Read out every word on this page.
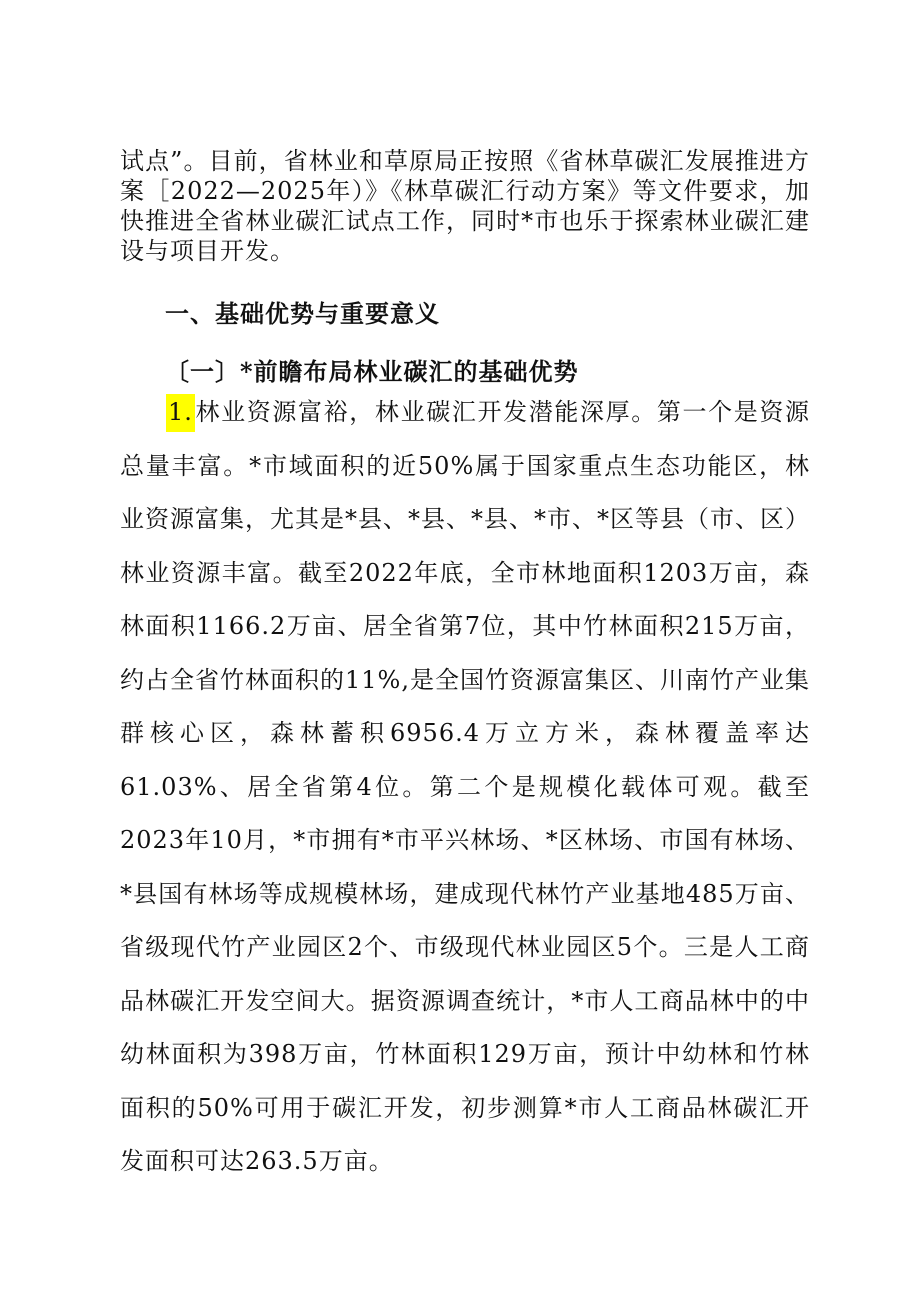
试点”。目前，省林业和草原局正按照《省林草碳汇发展推进方案［2022—2025年）》《林草碳汇行动方案》等文件要求，加快推进全省林业碳汇试点工作，同时*市也乐于探索林业碳汇建设与项目开发。

一、基础优势与重要意义
〔一〕*前瞻布局林业碳汇的基础优势

1.林业资源富裕，林业碳汇开发潜能深厚。第一个是资源总量丰富。*市域面积的近50%属于国家重点生态功能区，林业资源富集，尤其是*县、*县、*县、*市、*区等县（市、区）林业资源丰富。截至2022年底，全市林地面积1203万亩，森林面积1166.2万亩、居全省第7位，其中竹林面积215万亩，约占全省竹林面积的11%,是全国竹资源富集区、川南竹产业集群核心区，森林蓄积6956.4万立方米，森林覆盖率达61.03%、居全省第4位。第二个是规模化载体可观。截至2023年10月，*市拥有*市平兴林场、*区林场、市国有林场、*县国有林场等成规模林场，建成现代林竹产业基地485万亩、省级现代竹产业园区2个、市级现代林业园区5个。三是人工商品林碳汇开发空间大。据资源调查统计，*市人工商品林中的中幼林面积为398万亩，竹林面积129万亩，预计中幼林和竹林面积的50%可用于碳汇开发，初步测算*市人工商品林碳汇开发面积可达263.5万亩。
